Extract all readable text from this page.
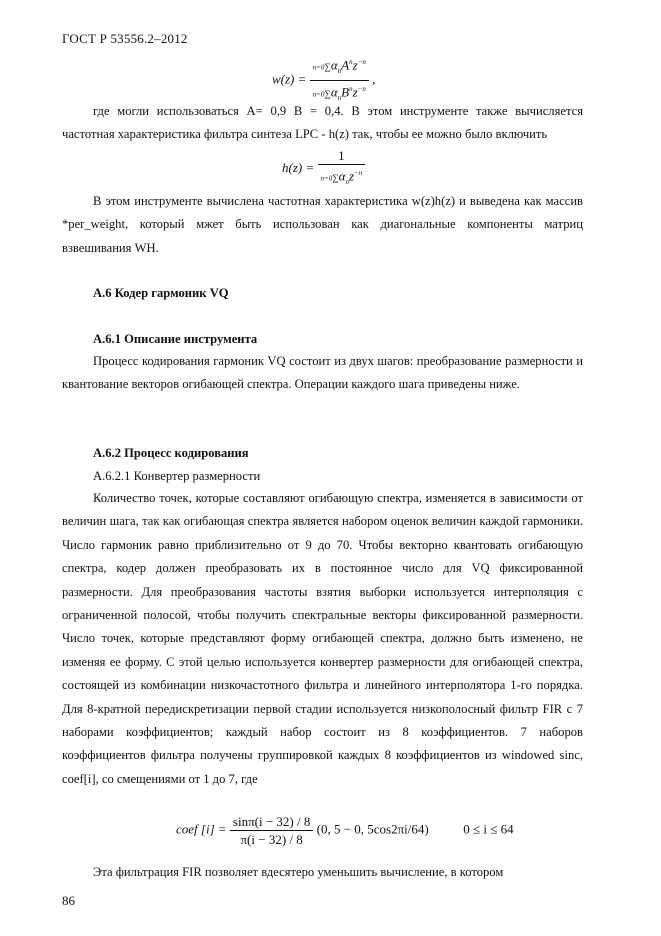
ГОСТ Р 53556.2–2012
$w(z) = \frac{n=0\sum\alpha_nA^nz^{-n}}{n=0\sum\alpha_nB^nz^{-n}}$ ,

где могли использоваться A= 0,9 B = 0,4. В этом инструменте также вычисляется частотная характеристика фильтра синтеза LPC - h(z) так, чтобы ее можно было включить

$h(z) = \frac{1}{n=0\sum\alpha_nz^{-n}}$

В этом инструменте вычислена частотная характеристика w(z)h(z) и выведена как массив *per_weight, который мжет быть использован как диагональные компоненты матриц взвешивания WH.

А.6 Кодер гармоник VQ
А.6.1 Описание инструмента

Процесс кодирования гармоник VQ состоит из двух шагов: преобразование размерности и квантование векторов огибающей спектра. Операции каждого шага приведены ниже.

А.6.2 Процесс кодирования
А.6.2.1 Конвертер размерности

Количество точек, которые составляют огибающую спектра, изменяется в зависимости от величин шага, так как огибающая спектра является набором оценок величин каждой гармоники. Число гармоник равно приблизительно от 9 до 70. Чтобы векторно квантовать огибающую спектра, кодер должен преобразовать их в постоянное число для VQ фиксированной размерности. Для преобразования частоты взятия выборки используется интерполяция с ограниченной полосой, чтобы получить спектральные векторы фиксированной размерности. Число точек, которые представляют форму огибающей спектра, должно быть изменено, не изменяя ее форму. С этой целью используется конвертер размерности для огибающей спектра, состоящей из комбинации низкочастотного фильтра и линейного интерполятора 1-го порядка. Для 8-кратной передискретизации первой стадии используется низкополосный фильтр FIR с 7 наборами коэффициентов; каждый набор состоит из 8 коэффициентов. 7 наборов коэффициентов фильтра получены группировкой каждых 8 коэффициентов из windowed sinc, coef[i], со смещениями от 1 до 7, где

coef $[i] = \frac{\sin\pi(i - 32) / 8}{\pi(i - 32) / 8} (0$, 5 − 0, 5cos2πi/64)	0 ≤ i ≤ 64

Эта фильтрация FIR позволяет вдесятеро уменьшить вычисление, в котором

86
